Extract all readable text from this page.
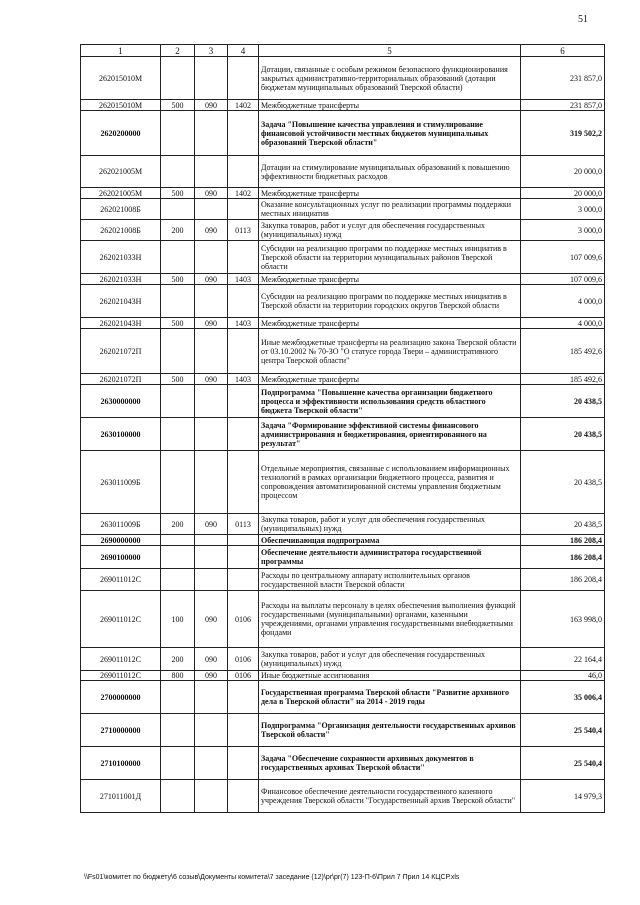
51
1	2	3	4	5	6
262015010М				Дотации, связанные с особым режимом безопасного функционирования закрытых административно-территориальных образований (дотации бюджетам муниципальных образований Тверской области)	231 857,0
262015010М	500	090	1402	Межбюджетные трансферты	231 857,0
2620200000				Задача "Повышение качества управления и стимулирование финансовой устойчивости местных бюджетов муниципальных образований Тверской области"	319 502,2
262021005М				Дотации на стимулирование муниципальных образований к повышению эффективности бюджетных расходов	20 000,0
262021005М	500	090	1402	Межбюджетные трансферты	20 000,0
262021008Б				Оказание консультационных услуг по реализации программы поддержки местных инициатив	3 000,0
262021008Б	200	090	0113	Закупка товаров, работ и услуг для обеспечения государственных (муниципальных) нужд	3 000,0
262021033Н				Субсидии на реализацию программ по поддержке местных инициатив в Тверской области на территории муниципальных районов Тверской области	107 009,6
262021033Н	500	090	1403	Межбюджетные трансферты	107 009,6
262021043Н				Субсидии на реализацию программ по поддержке местных инициатив в Тверской области на территории городских округов Тверской области	4 000,0
262021043Н	500	090	1403	Межбюджетные трансферты	4 000,0
262021072П				Иные межбюджетные трансферты на реализацию закона Тверской области от 03.10.2002 № 70-ЗО "О статусе города Твери – административного центра Тверской области"	185 492,6
262021072П	500	090	1403	Межбюджетные трансферты	185 492,6
2630000000				Подпрограмма "Повышение качества организации бюджетного процесса и эффективности использования средств областного бюджета Тверской области"	20 438,5
2630100000				Задача "Формирование эффективной системы финансового администрирования и бюджетирования, ориентированного на результат"	20 438,5
263011009Б				Отдельные мероприятия, связанные с использованием информационных технологий в рамках организации бюджетного процесса, развития и сопровождения автоматизированной системы управления бюджетным процессом	20 438,5
263011009Б	200	090	0113	Закупка товаров, работ и услуг для обеспечения государственных (муниципальных) нужд	20 438,5
2690000000				Обеспечивающая подпрограмма	186 208,4
2690100000				Обеспечение деятельности администратора государственной программы	186 208,4
269011012С				Расходы по центральному аппарату исполнительных органов государственной власти Тверской области	186 208,4
269011012С	100	090	0106	Расходы на выплаты персоналу в целях обеспечения выполнения функций государственными (муниципальными) органами, казенными учреждениями, органами управления государственными внебюджетными фондами	163 998,0
269011012С	200	090	0106	Закупка товаров, работ и услуг для обеспечения государственных (муниципальных) нужд	22 164,4
269011012С	800	090	0106	Иные бюджетные ассигнования	46,0
2700000000				Государственная программа Тверской области "Развитие архивного дела в Тверской области" на 2014 - 2019 годы	35 006,4
2710000000				Подпрограмма "Организация деятельности государственных архивов Тверской области"	25 540,4
2710100000				Задача "Обеспечение сохранности архивных документов в государственных архивах Тверской области"	25 540,4
271011001Д				Финансовое обеспечение деятельности государственного казенного учреждения Тверской области "Государственный архив Тверской области"	14 979,3
\\Fs01\комитет по бюджету\6 созыв\Документы комитета\7 заседание (12)\pr\pr(7) 123-П-6\Прил 7 Прил 14 КЦСР.xls
